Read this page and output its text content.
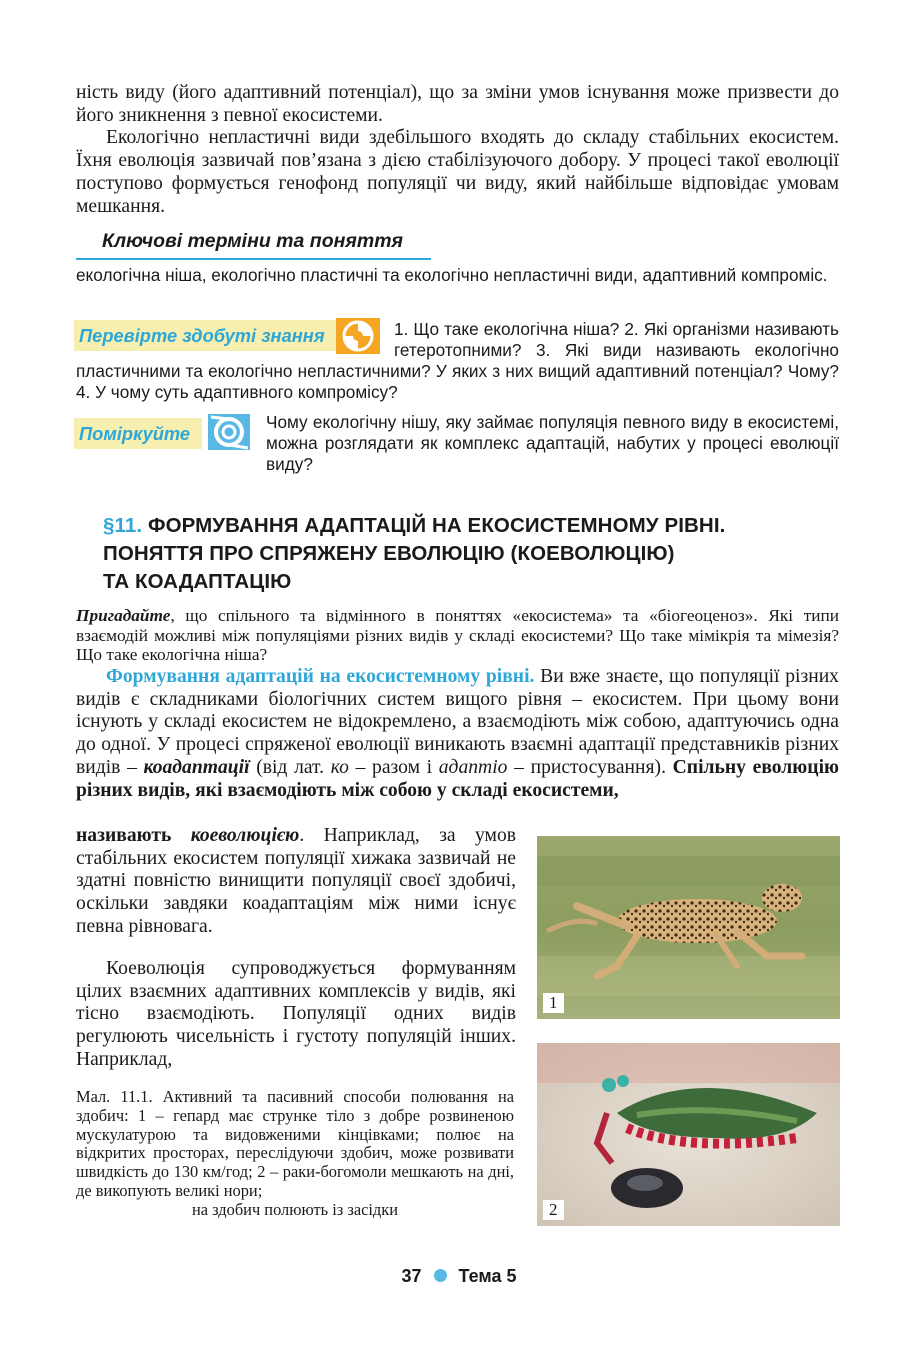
ність виду (його адаптивний потенціал), що за зміни умов існування може призвести до його зникнення з певної екосистеми.
Екологічно непластичні види здебільшого входять до складу стабільних екосистем. Їхня еволюція зазвичай пов’язана з дією стабілізуючого добору. У процесі такої еволюції поступово формується генофонд популяції чи виду, який найбільше відповідає умовам мешкання.
Ключові терміни та поняття
екологічна ніша, екологічно пластичні та екологічно непластичні види, адаптивний компроміс.
1. Що таке екологічна ніша? 2. Які організми називають гетеротопними? 3. Які види називають екологічно пластичними та екологічно непластичними? У яких з них вищий адаптивний потенціал? Чому? 4. У чому суть адаптивного компромісу?
Перевірте здобуті знання
Поміркуйте
Чому екологічну нішу, яку займає популяція певного виду в екосистемі, можна розглядати як комплекс адаптацій, набутих у процесі еволюції виду?
§11. ФОРМУВАННЯ АДАПТАЦІЙ НА ЕКОСИСТЕМНОМУ РІВНІ.
ПОНЯТТЯ ПРО СПРЯЖЕНУ ЕВОЛЮЦІЮ (КОЕВОЛЮЦІЮ)
ТА КОАДАПТАЦІЮ
Пригадайте, що спільного та відмінного в поняттях «екосистема» та «біогеоценоз». Які типи взаємодій можливі між популяціями різних видів у складі екосистеми? Що таке мімікрія та мімезія? Що таке екологічна ніша?
Формування адаптацій на екосистемному рівні. Ви вже знаєте, що популяції різних видів є складниками біологічних систем вищого рівня – екосистем. При цьому вони існують у складі екосистем не відокремлено, а взаємодіють між собою, адаптуючись одна до одної. У процесі спряженої еволюції виникають взаємні адаптації представників різних видів – коадаптації (від лат. ко – разом і адаптіо – пристосування). Спільну еволюцію різних видів, які взаємодіють між собою у складі екосистеми,
називають коеволюцією. Наприклад, за умов стабільних екосистем популяції хижака зазвичай не здатні повністю винищити популяції своєї здобичі, оскільки завдяки коадаптаціям між ними існує певна рівновага.
Коеволюція супроводжується формуванням цілих взаємних адаптивних комплексів у видів, які тісно взаємодіють. Популяції одних видів регулюють чисельність і густоту популяцій інших. Наприклад,
Мал. 11.1. Активний та пасивний способи полювання на здобич: 1 – гепард має струнке тіло з добре розвиненою мускулатурою та видовженими кінцівками; полює на відкритих просторах, переслідуючи здобич, може розвивати швидкість до 130 км/год; 2 – раки-богомоли мешкають на дні, де викопують великі нори;
на здобич полюють із засідки
1
2
37 Тема 5
